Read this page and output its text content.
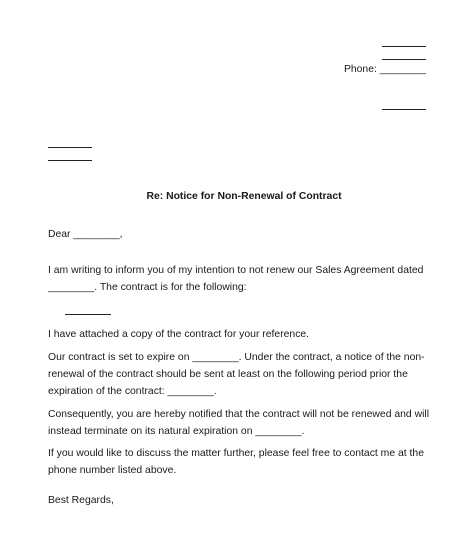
Phone: ________
Re: Notice for Non-Renewal of Contract
Dear ________,
I am writing to inform you of my intention to not renew our Sales Agreement dated
________. The contract is for the following:
I have attached a copy of the contract for your reference.
Our contract is set to expire on ________. Under the contract, a notice of the non-
renewal of the contract should be sent at least on the following period prior the
expiration of the contract: ________.
Consequently, you are hereby notified that the contract will not be renewed and will
instead terminate on its natural expiration on ________.
If you would like to discuss the matter further, please feel free to contact me at the
phone number listed above.
Best Regards,
